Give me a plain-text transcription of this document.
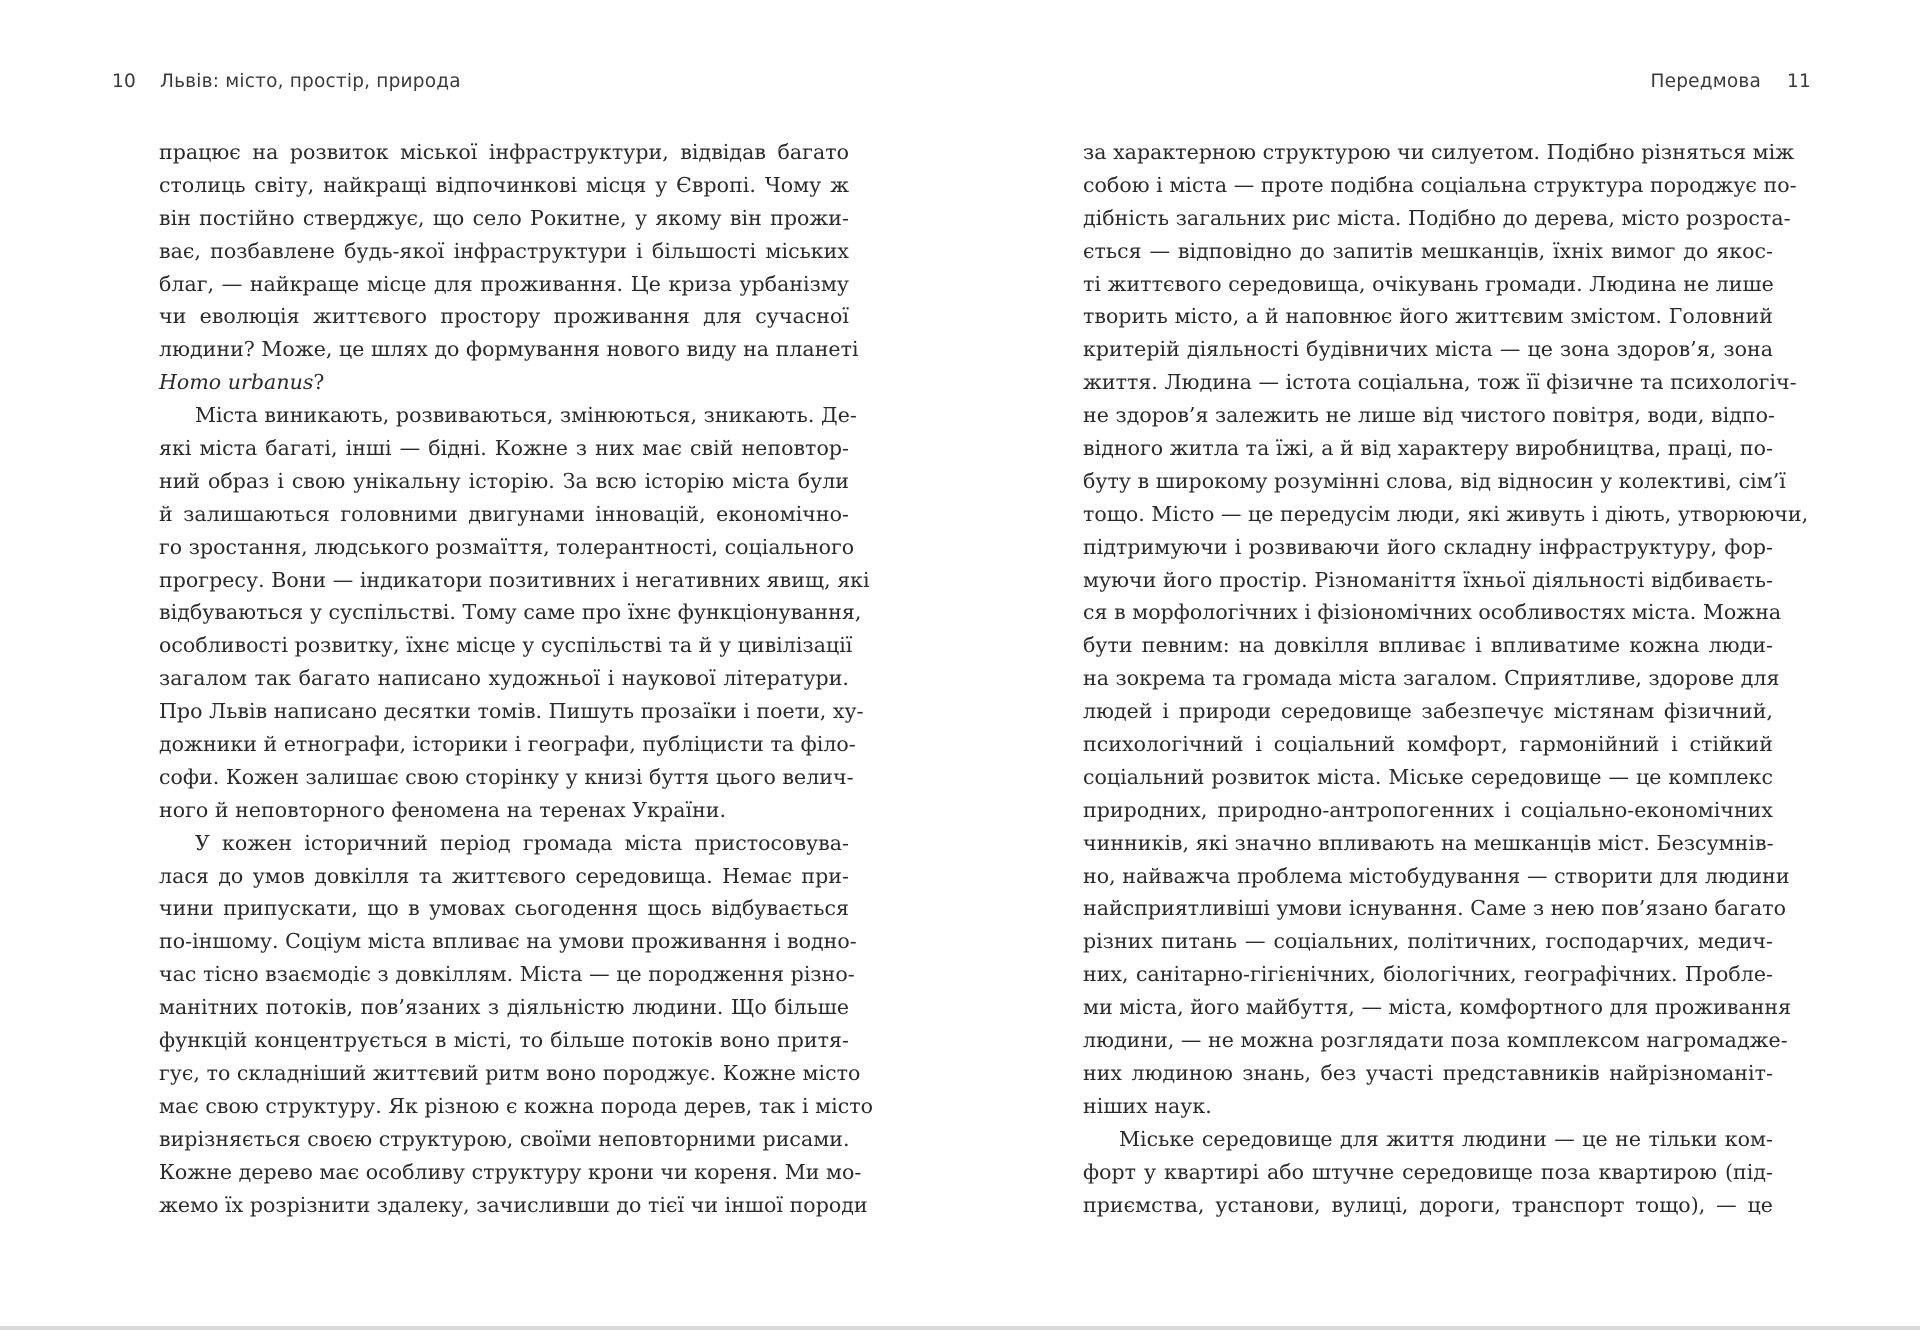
10 Львів: місто, простір, природа
працює на розвиток міської інфраструктури, відвідав багато
столиць світу, найкращі відпочинкові місця у Європі. Чому ж
він постійно стверджує, що село Рокитне, у якому він прожи-
ває, позбавлене будь-якої інфраструктури і більшості міських
благ, — найкраще місце для проживання. Це криза урбанізму
чи еволюція життєвого простору проживання для сучасної
людини? Може, це шлях до формування нового виду на планеті
Homo urbanus?
Міста виникають, розвиваються, змінюються, зникають. Де-
які міста багаті, інші — бідні. Кожне з них має свій неповтор-
ний образ і свою унікальну історію. За всю історію міста були
й залишаються головними двигунами інновацій, економічно-
го зростання, людського розмаїття, толерантності, соціального
прогресу. Вони — індикатори позитивних і негативних явищ, які
відбуваються у суспільстві. Тому саме про їхнє функціонування,
особливості розвитку, їхнє місце у суспільстві та й у цивілізації
загалом так багато написано художньої і наукової літератури.
Про Львів написано десятки томів. Пишуть прозаїки і поети, ху-
дожники й етнографи, історики і географи, публіцисти та філо-
софи. Кожен залишає свою сторінку у книзі буття цього велич-
ного й неповторного феномена на теренах України.
У кожен історичний період громада міста пристосовува-
лася до умов довкілля та життєвого середовища. Немає при-
чини припускати, що в умовах сьогодення щось відбувається
по-іншому. Соціум міста впливає на умови проживання і водно-
час тісно взаємодіє з довкіллям. Міста — це породження різно-
манітних потоків, пов’язаних з діяльністю людини. Що більше
функцій концентрується в місті, то більше потоків воно притя-
гує, то складніший життєвий ритм воно породжує. Кожне місто
має свою структуру. Як різною є кожна порода дерев, так і місто
вирізняється своєю структурою, своїми неповторними рисами.
Кожне дерево має особливу структуру крони чи кореня. Ми мо-
жемо їх розрізнити здалеку, зачисливши до тієї чи іншої породи
Передмова 11
за характерною структурою чи силуетом. Подібно різняться між
собою і міста — проте подібна соціальна структура породжує по-
дібність загальних рис міста. Подібно до дерева, місто розроста-
ється — відповідно до запитів мешканців, їхніх вимог до якос-
ті життєвого середовища, очікувань громади. Людина не лише
творить місто, а й наповнює його життєвим змістом. Головний
критерій діяльності будівничих міста — це зона здоров’я, зона
життя. Людина — істота соціальна, тож її фізичне та психологіч-
не здоров’я залежить не лише від чистого повітря, води, відпо-
відного житла та їжі, а й від характеру виробництва, праці, по-
буту в широкому розумінні слова, від відносин у колективі, сім’ї
тощо. Місто — це передусім люди, які живуть і діють, утворюючи,
підтримуючи і розвиваючи його складну інфраструктуру, фор-
муючи його простір. Різноманіття їхньої діяльності відбиваєть-
ся в морфологічних і фізіономічних особливостях міста. Можна
бути певним: на довкілля впливає і впливатиме кожна люди-
на зокрема та громада міста загалом. Сприятливе, здорове для
людей і природи середовище забезпечує містянам фізичний,
психологічний і соціальний комфорт, гармонійний і стійкий
соціальний розвиток міста. Міське середовище — це комплекс
природних, природно-антропогенних і соціально-економічних
чинників, які значно впливають на мешканців міст. Безсумнів-
но, найважча проблема містобудування — створити для людини
найсприятливіші умови існування. Саме з нею пов’язано багато
різних питань — соціальних, політичних, господарчих, медич-
них, санітарно-гігієнічних, біологічних, географічних. Пробле-
ми міста, його майбуття, — міста, комфортного для проживання
людини, — не можна розглядати поза комплексом нагромадже-
них людиною знань, без участі представників найрізноманіт-
ніших наук.
Міське середовище для життя людини — це не тільки ком-
форт у квартирі або штучне середовище поза квартирою (під-
приємства, установи, вулиці, дороги, транспорт тощо), — це
